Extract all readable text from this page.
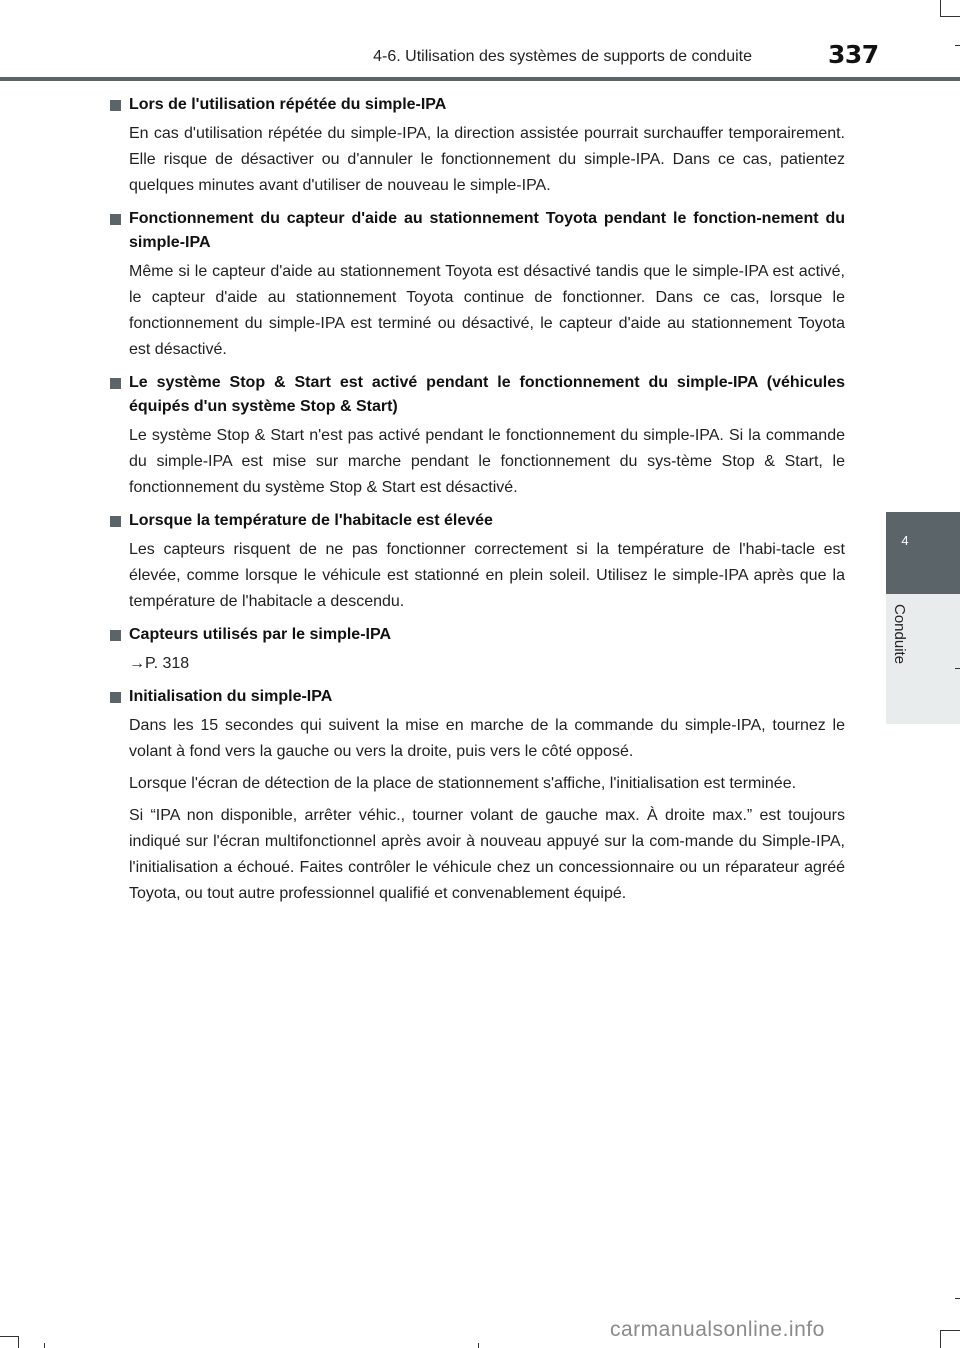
4-6. Utilisation des systèmes de supports de conduite	337
4
Conduite
Lors de l'utilisation répétée du simple-IPA

En cas d'utilisation répétée du simple-IPA, la direction assistée pourrait surchauffer temporairement. Elle risque de désactiver ou d'annuler le fonctionnement du simple-IPA. Dans ce cas, patientez quelques minutes avant d'utiliser de nouveau le simple-IPA.

Fonctionnement du capteur d'aide au stationnement Toyota pendant le fonction-nement du simple-IPA

Même si le capteur d'aide au stationnement Toyota est désactivé tandis que le simple-IPA est activé, le capteur d'aide au stationnement Toyota continue de fonctionner. Dans ce cas, lorsque le fonctionnement du simple-IPA est terminé ou désactivé, le capteur d'aide au stationnement Toyota est désactivé.

Le système Stop & Start est activé pendant le fonctionnement du simple-IPA (véhicules équipés d'un système Stop & Start)

Le système Stop & Start n'est pas activé pendant le fonctionnement du simple-IPA. Si la commande du simple-IPA est mise sur marche pendant le fonctionnement du sys-tème Stop & Start, le fonctionnement du système Stop & Start est désactivé.

Lorsque la température de l'habitacle est élevée

Les capteurs risquent de ne pas fonctionner correctement si la température de l'habi-tacle est élevée, comme lorsque le véhicule est stationné en plein soleil. Utilisez le simple-IPA après que la température de l'habitacle a descendu.

Capteurs utilisés par le simple-IPA

→P. 318

Initialisation du simple-IPA

Dans les 15 secondes qui suivent la mise en marche de la commande du simple-IPA, tournez le volant à fond vers la gauche ou vers la droite, puis vers le côté opposé.

Lorsque l'écran de détection de la place de stationnement s'affiche, l'initialisation est terminée.

Si “IPA non disponible, arrêter véhic., tourner volant de gauche max. À droite max.” est toujours indiqué sur l'écran multifonctionnel après avoir à nouveau appuyé sur la com-mande du Simple-IPA, l'initialisation a échoué. Faites contrôler le véhicule chez un concessionnaire ou un réparateur agréé Toyota, ou tout autre professionnel qualifié et convenablement équipé.

carmanualsonline.info
